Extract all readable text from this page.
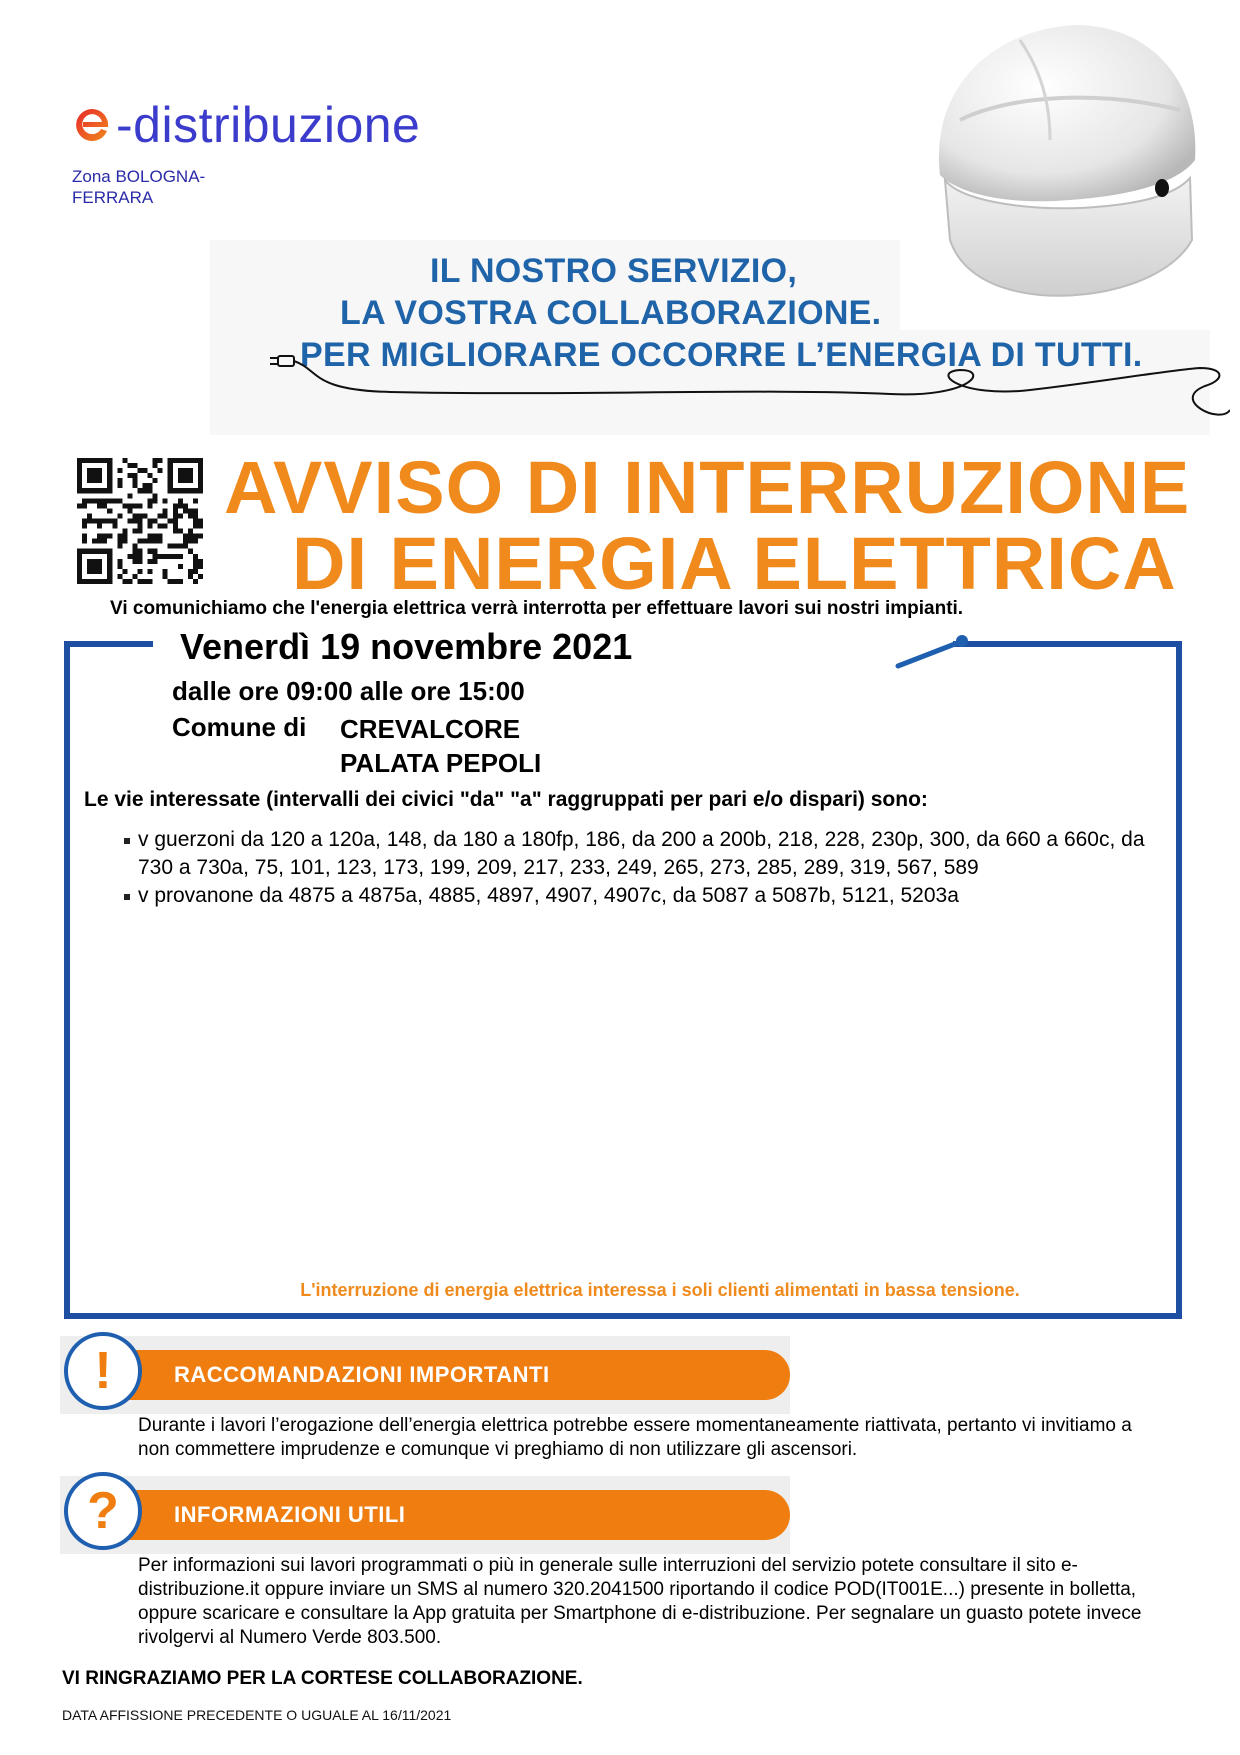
-distribuzione
Zona BOLOGNA-FERRARA
IL NOSTRO SERVIZIO,
LA VOSTRA COLLABORAZIONE.
PER MIGLIORARE OCCORRE L’ENERGIA DI TUTTI.
AVVISO DI INTERRUZIONE
DI ENERGIA ELETTRICA
Vi comunichiamo che l'energia elettrica verrà interrotta per effettuare lavori sui nostri impianti.
Venerdì 19 novembre 2021
dalle ore 09:00 alle ore 15:00
Comune di CREVALCORE
PALATA PEPOLI
Le vie interessate (intervalli dei civici "da" "a" raggruppati per pari e/o dispari) sono:
v guerzoni da 120 a 120a, 148, da 180 a 180fp, 186, da 200 a 200b, 218, 228, 230p, 300, da 660 a 660c, da 730 a 730a, 75, 101, 123, 173, 199, 209, 217, 233, 249, 265, 273, 285, 289, 319, 567, 589
v provanone da 4875 a 4875a, 4885, 4897, 4907, 4907c, da 5087 a 5087b, 5121, 5203a
L'interruzione di energia elettrica interessa i soli clienti alimentati in bassa tensione.
!	RACCOMANDAZIONI IMPORTANTI
Durante i lavori l’erogazione dell’energia elettrica potrebbe essere momentaneamente riattivata, pertanto vi invitiamo a non commettere imprudenze e comunque vi preghiamo di non utilizzare gli ascensori.
?	INFORMAZIONI UTILI
Per informazioni sui lavori programmati o più in generale sulle interruzioni del servizio potete consultare il sito e-distribuzione.it oppure inviare un SMS al numero 320.2041500 riportando il codice POD(IT001E...) presente in bolletta, oppure scaricare e consultare la App gratuita per Smartphone di e-distribuzione. Per segnalare un guasto potete invece rivolgervi al Numero Verde 803.500.
VI RINGRAZIAMO PER LA CORTESE COLLABORAZIONE.
DATA AFFISSIONE PRECEDENTE O UGUALE AL 16/11/2021
